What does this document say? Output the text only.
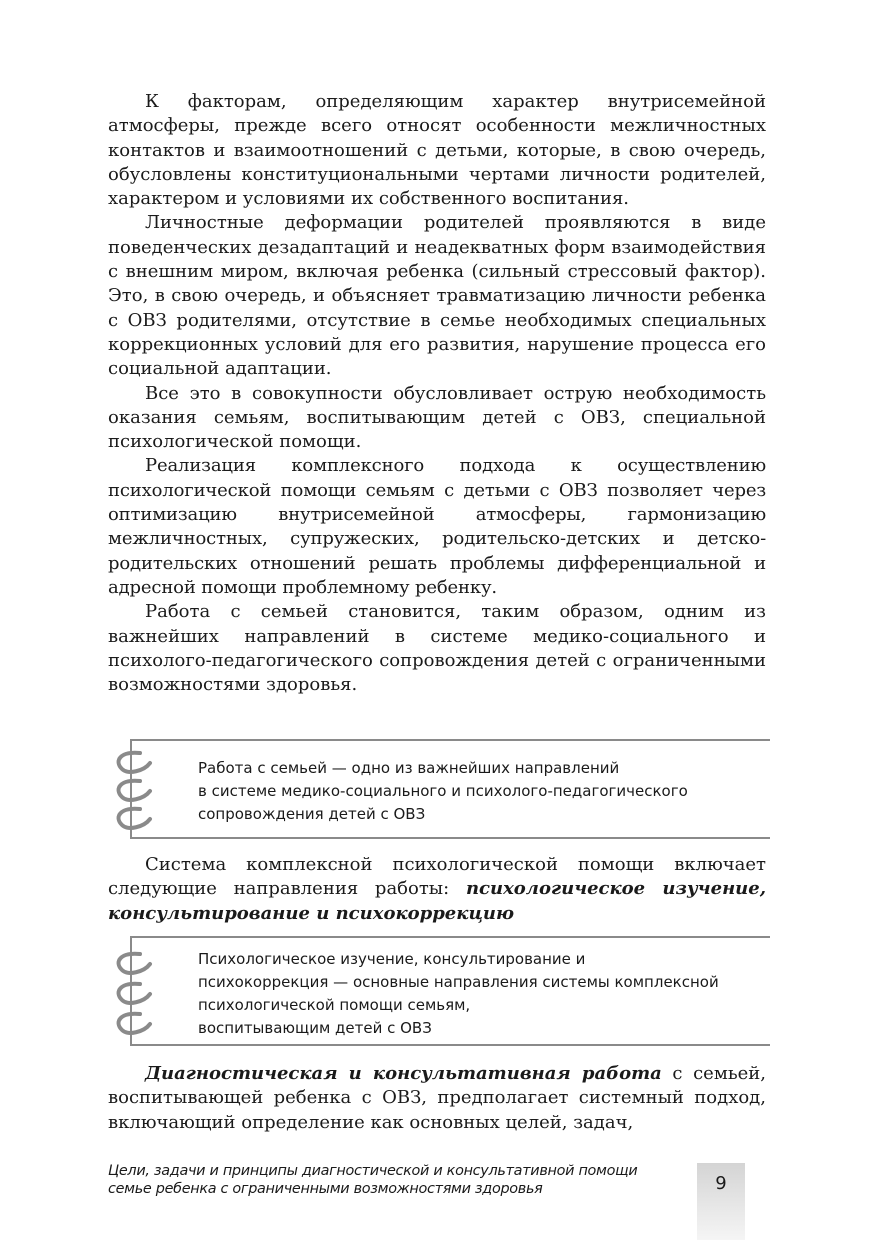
К факторам, определяющим характер внутрисемейной атмосферы, прежде всего относят особенности межличностных контактов и взаимоотношений с детьми, которые, в свою очередь, обусловлены конституциональными чертами личности родителей, характером и условиями их собственного воспитания.

Личностные деформации родителей проявляются в виде поведенческих дезадаптаций и неадекватных форм взаимодействия с внешним миром, включая ребенка (сильный стрессовый фактор). Это, в свою очередь, и объясняет травматизацию личности ребенка с ОВЗ родителями, отсутствие в семье необходимых специальных коррекционных условий для его развития, нарушение процесса его социальной адаптации.

Все это в совокупности обусловливает острую необходимость оказания семьям, воспитывающим детей с ОВЗ, специальной психологической помощи.

Реализация комплексного подхода к осуществлению психологической помощи семьям с детьми с ОВЗ позволяет через оптимизацию внутрисемейной атмосферы, гармонизацию межличностных, супружеских, родительско-детских и детско-родительских отношений решать проблемы дифференциальной и адресной помощи проблемному ребенку.

Работа с семьей становится, таким образом, одним из важнейших направлений в системе медико-социального и психолого-педагогического сопровождения детей с ограниченными возможностями здоровья.

Работа с семьей — одно из важнейших направлений
в системе медико-социального и психолого-педагогического
сопровождения детей с ОВЗ

Система комплексной психологической помощи включает следующие направления работы: психологическое изучение, консультирование и психокоррекцию

Психологическое изучение, консультирование и
психокоррекция — основные направления системы комплексной
психологической помощи семьям,
воспитывающим детей с ОВЗ

Диагностическая и консультативная работа с семьей, воспитывающей ребенка с ОВЗ, предполагает системный подход, включающий определение как основных целей, задач,

Цели, задачи и принципы диагностической и консультативной помощи
семье ребенка с ограниченными возможностями здоровья	9
